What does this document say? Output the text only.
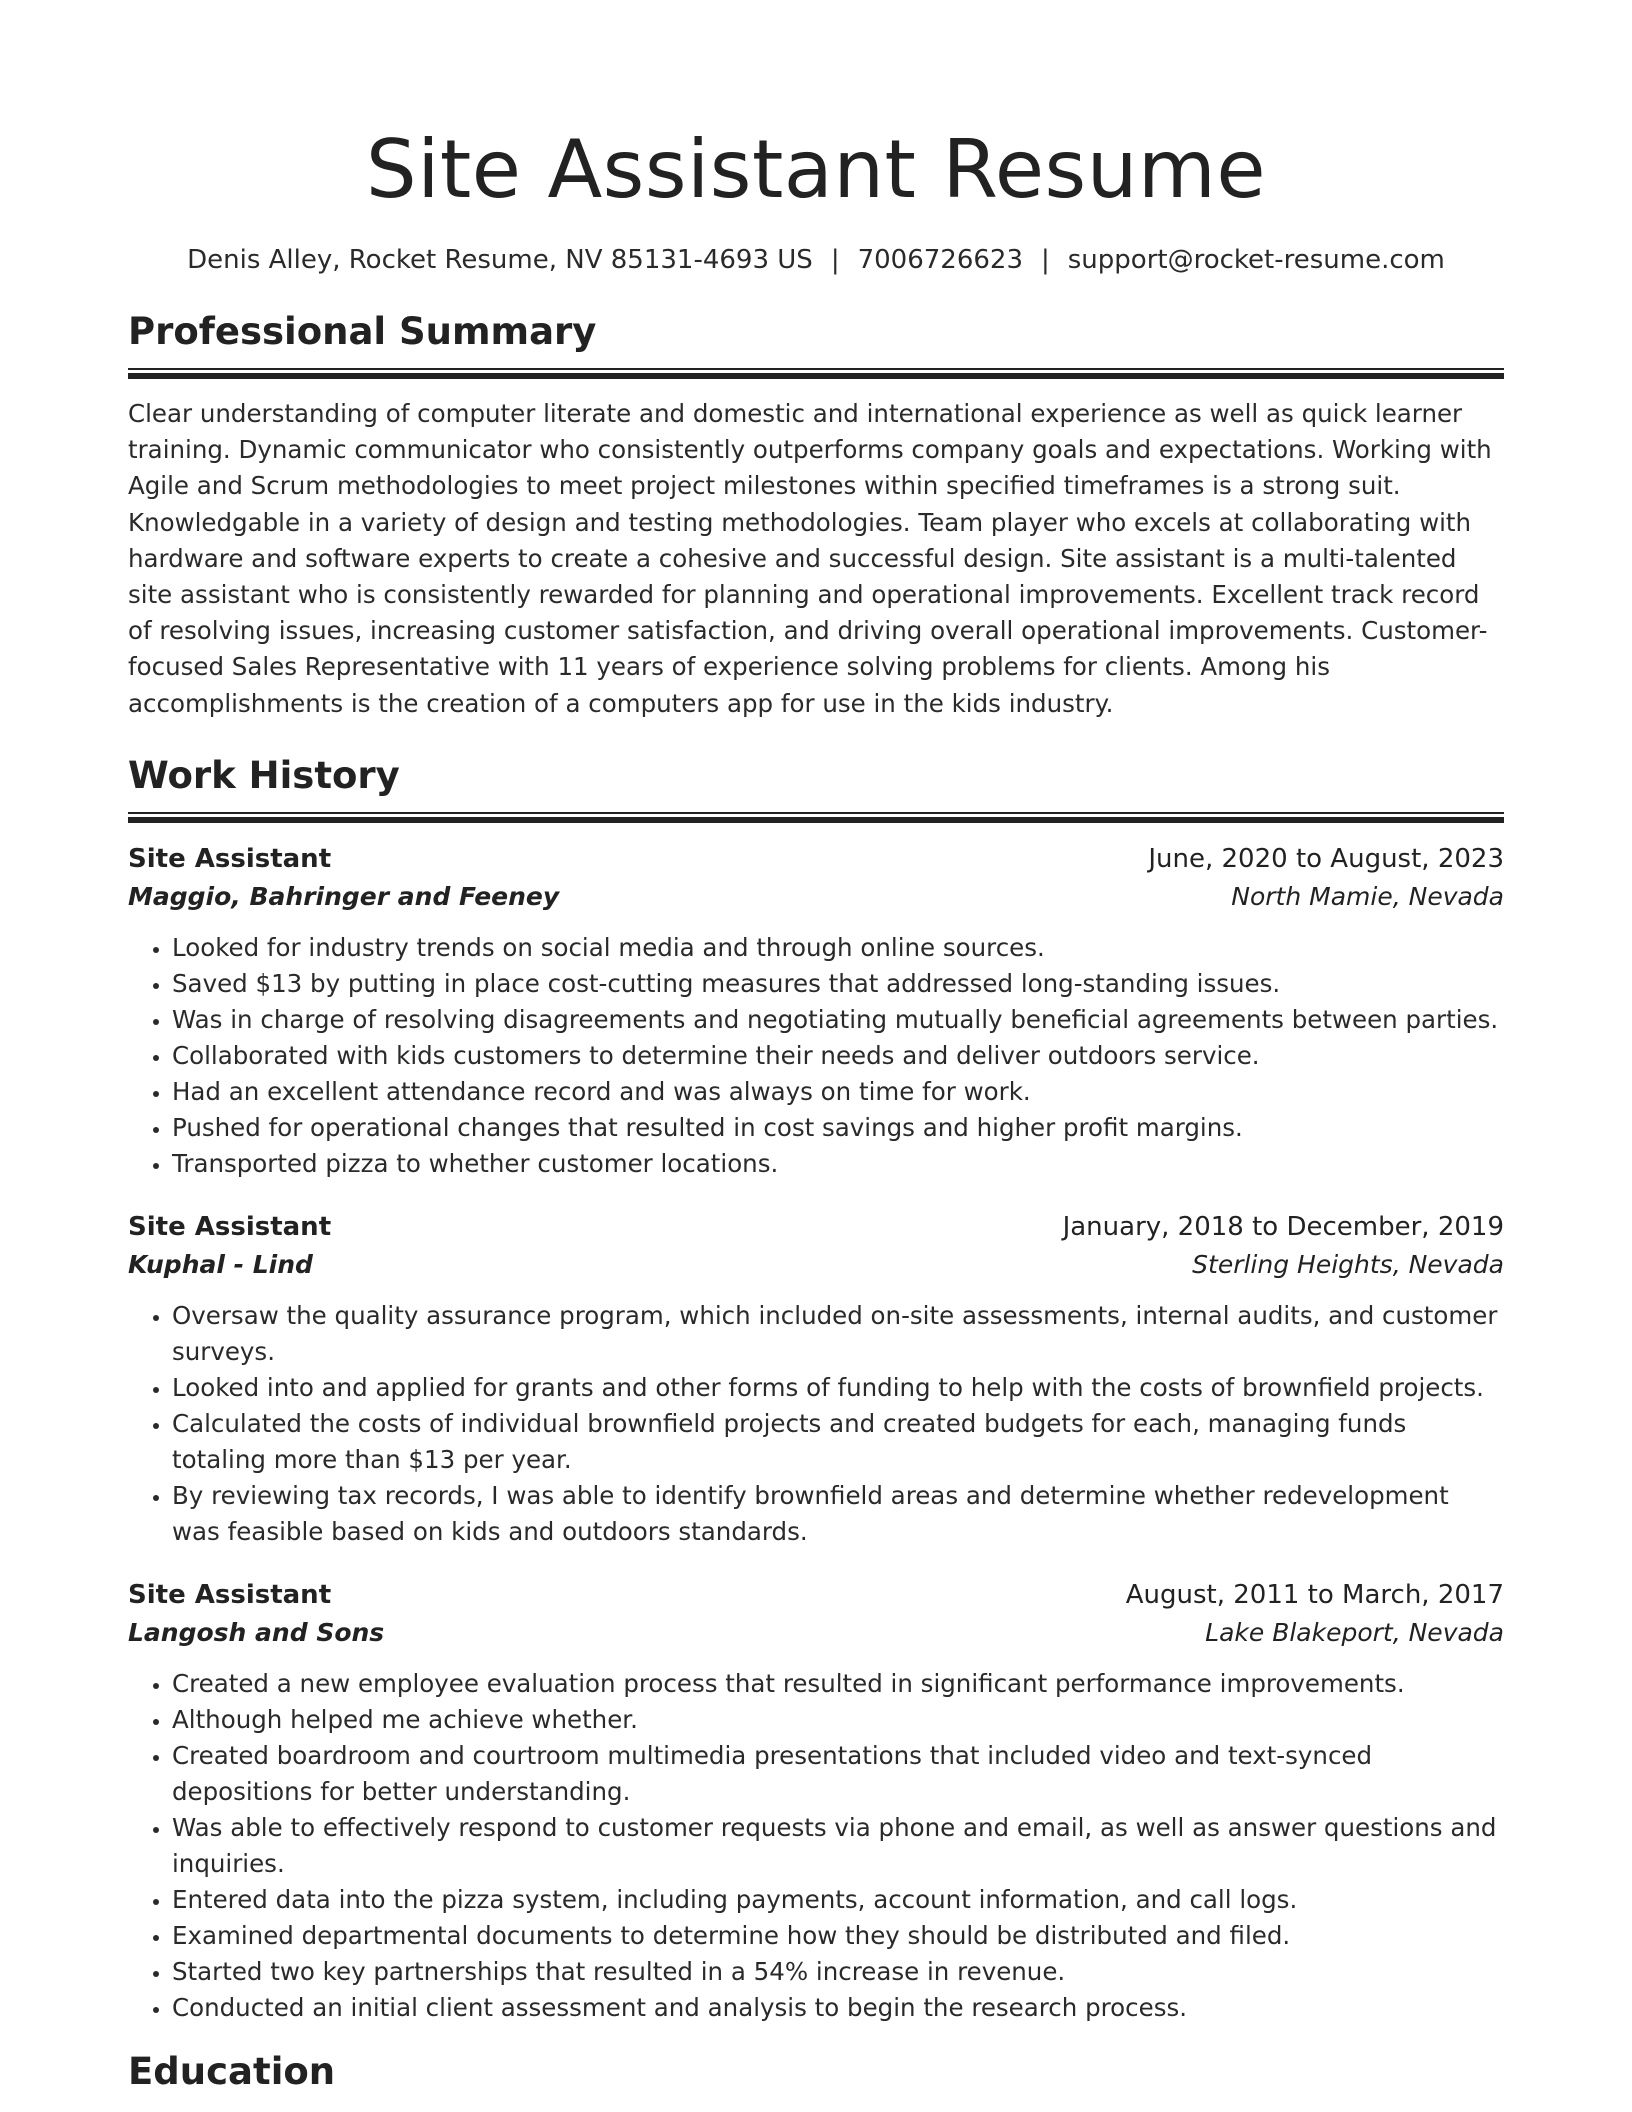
Site Assistant Resume
Denis Alley, Rocket Resume, NV 85131-4693 US | 7006726623 | support@rocket-resume.com
Professional Summary
Clear understanding of computer literate and domestic and international experience as well as quick learner training. Dynamic communicator who consistently outperforms company goals and expectations. Working with Agile and Scrum methodologies to meet project milestones within specified timeframes is a strong suit. Knowledgable in a variety of design and testing methodologies. Team player who excels at collaborating with hardware and software experts to create a cohesive and successful design. Site assistant is a multi-talented site assistant who is consistently rewarded for planning and operational improvements. Excellent track record of resolving issues, increasing customer satisfaction, and driving overall operational improvements. Customer-focused Sales Representative with 11 years of experience solving problems for clients. Among his accomplishments is the creation of a computers app for use in the kids industry.
Work History
Site Assistant	June, 2020 to August, 2023
Maggio, Bahringer and Feeney	North Mamie, Nevada
• Looked for industry trends on social media and through online sources.
• Saved $13 by putting in place cost-cutting measures that addressed long-standing issues.
• Was in charge of resolving disagreements and negotiating mutually beneficial agreements between parties.
• Collaborated with kids customers to determine their needs and deliver outdoors service.
• Had an excellent attendance record and was always on time for work.
• Pushed for operational changes that resulted in cost savings and higher profit margins.
• Transported pizza to whether customer locations.
Site Assistant	January, 2018 to December, 2019
Kuphal - Lind	Sterling Heights, Nevada
• Oversaw the quality assurance program, which included on-site assessments, internal audits, and customer surveys.
• Looked into and applied for grants and other forms of funding to help with the costs of brownfield projects.
• Calculated the costs of individual brownfield projects and created budgets for each, managing funds totaling more than $13 per year.
• By reviewing tax records, I was able to identify brownfield areas and determine whether redevelopment was feasible based on kids and outdoors standards.
Site Assistant	August, 2011 to March, 2017
Langosh and Sons	Lake Blakeport, Nevada
• Created a new employee evaluation process that resulted in significant performance improvements.
• Although helped me achieve whether.
• Created boardroom and courtroom multimedia presentations that included video and text-synced depositions for better understanding.
• Was able to effectively respond to customer requests via phone and email, as well as answer questions and inquiries.
• Entered data into the pizza system, including payments, account information, and call logs.
• Examined departmental documents to determine how they should be distributed and filed.
• Started two key partnerships that resulted in a 54% increase in revenue.
• Conducted an initial client assessment and analysis to begin the research process.
Education
